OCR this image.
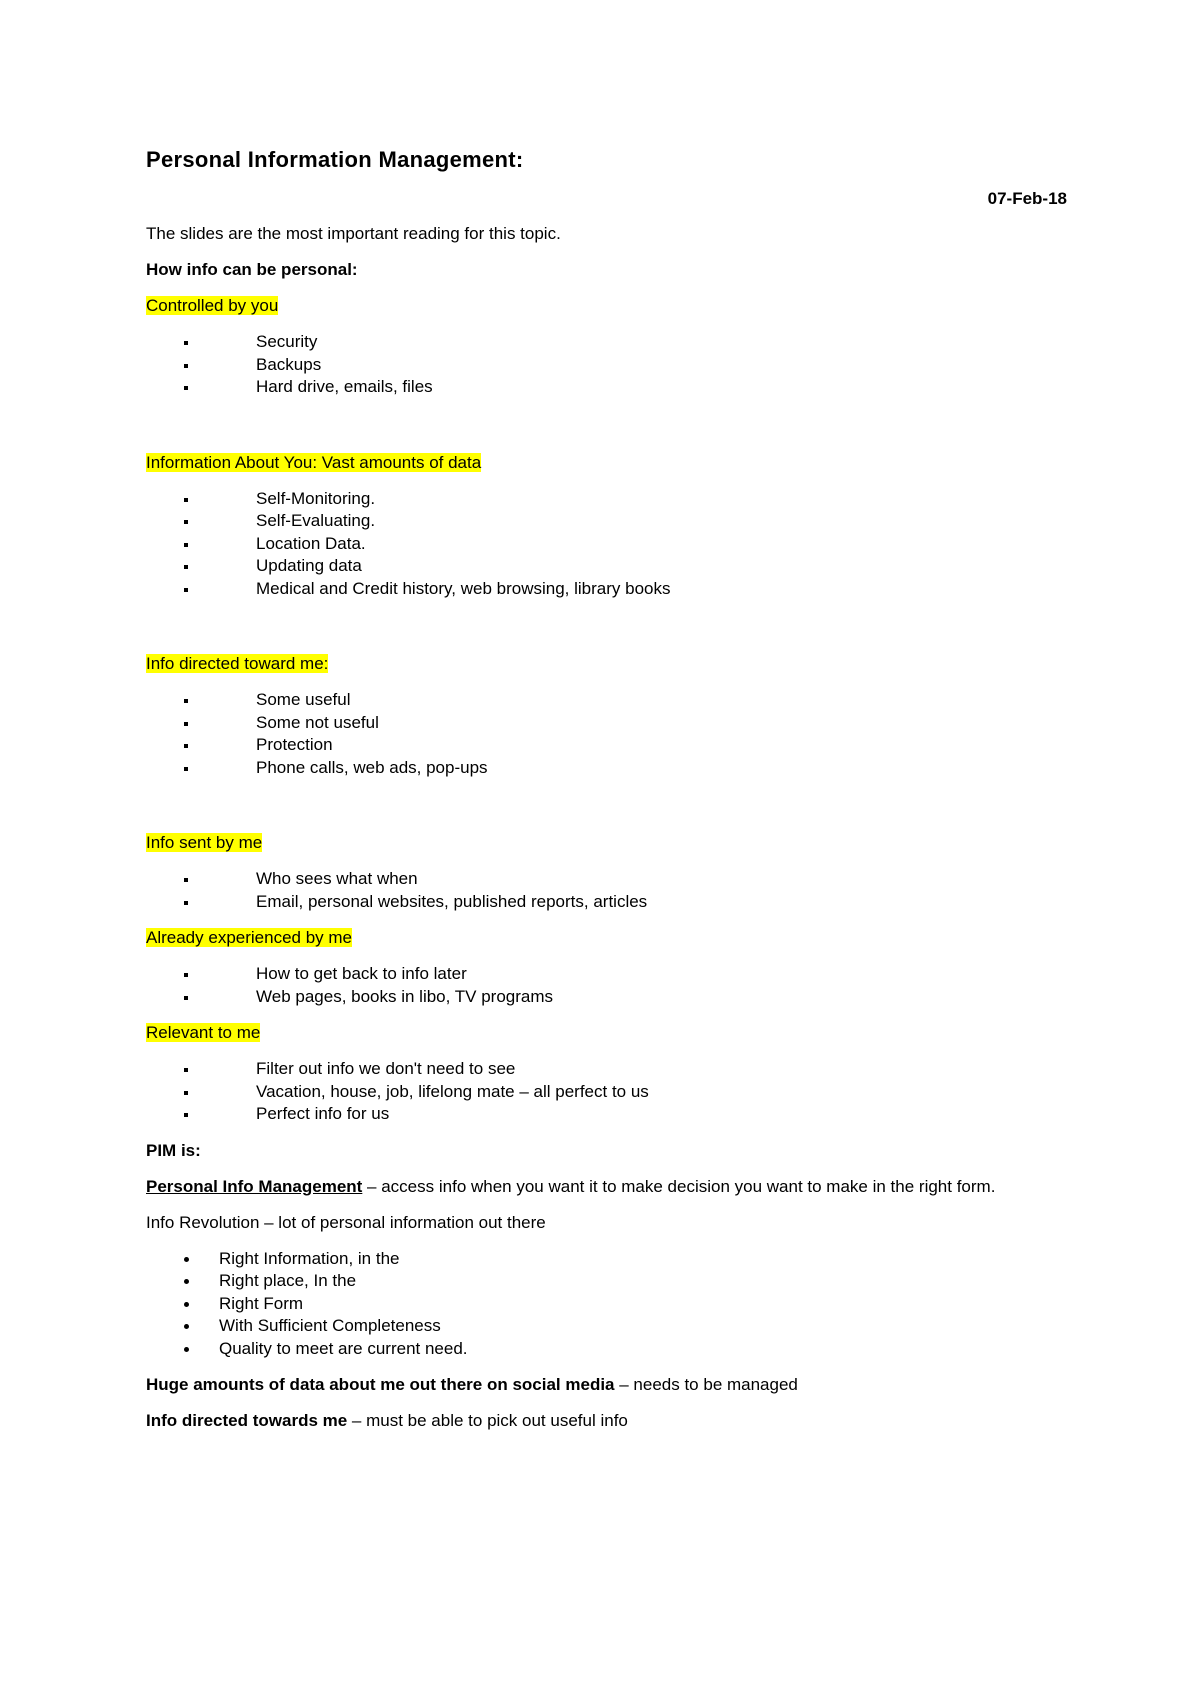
Personal Information Management:
07-Feb-18

The slides are the most important reading for this topic.

How info can be personal:

Controlled by you

Security
Backups
Hard drive, emails, files

Information About You: Vast amounts of data

Self-Monitoring.
Self-Evaluating.
Location Data.
Updating data
Medical and Credit history, web browsing, library books

Info directed toward me:

Some useful
Some not useful
Protection
Phone calls, web ads, pop-ups

Info sent by me

Who sees what when
Email, personal websites, published reports, articles

Already experienced by me

How to get back to info later
Web pages, books in libo, TV programs

Relevant to me

Filter out info we don't need to see
Vacation, house, job, lifelong mate – all perfect to us
Perfect info for us

PIM is:

Personal Info Management – access info when you want it to make decision you want to make in the right form.

Info Revolution – lot of personal information out there

Right Information, in the
Right place, In the
Right Form
With Sufficient Completeness
Quality to meet are current need.

Huge amounts of data about me out there on social media – needs to be managed

Info directed towards me – must be able to pick out useful info
